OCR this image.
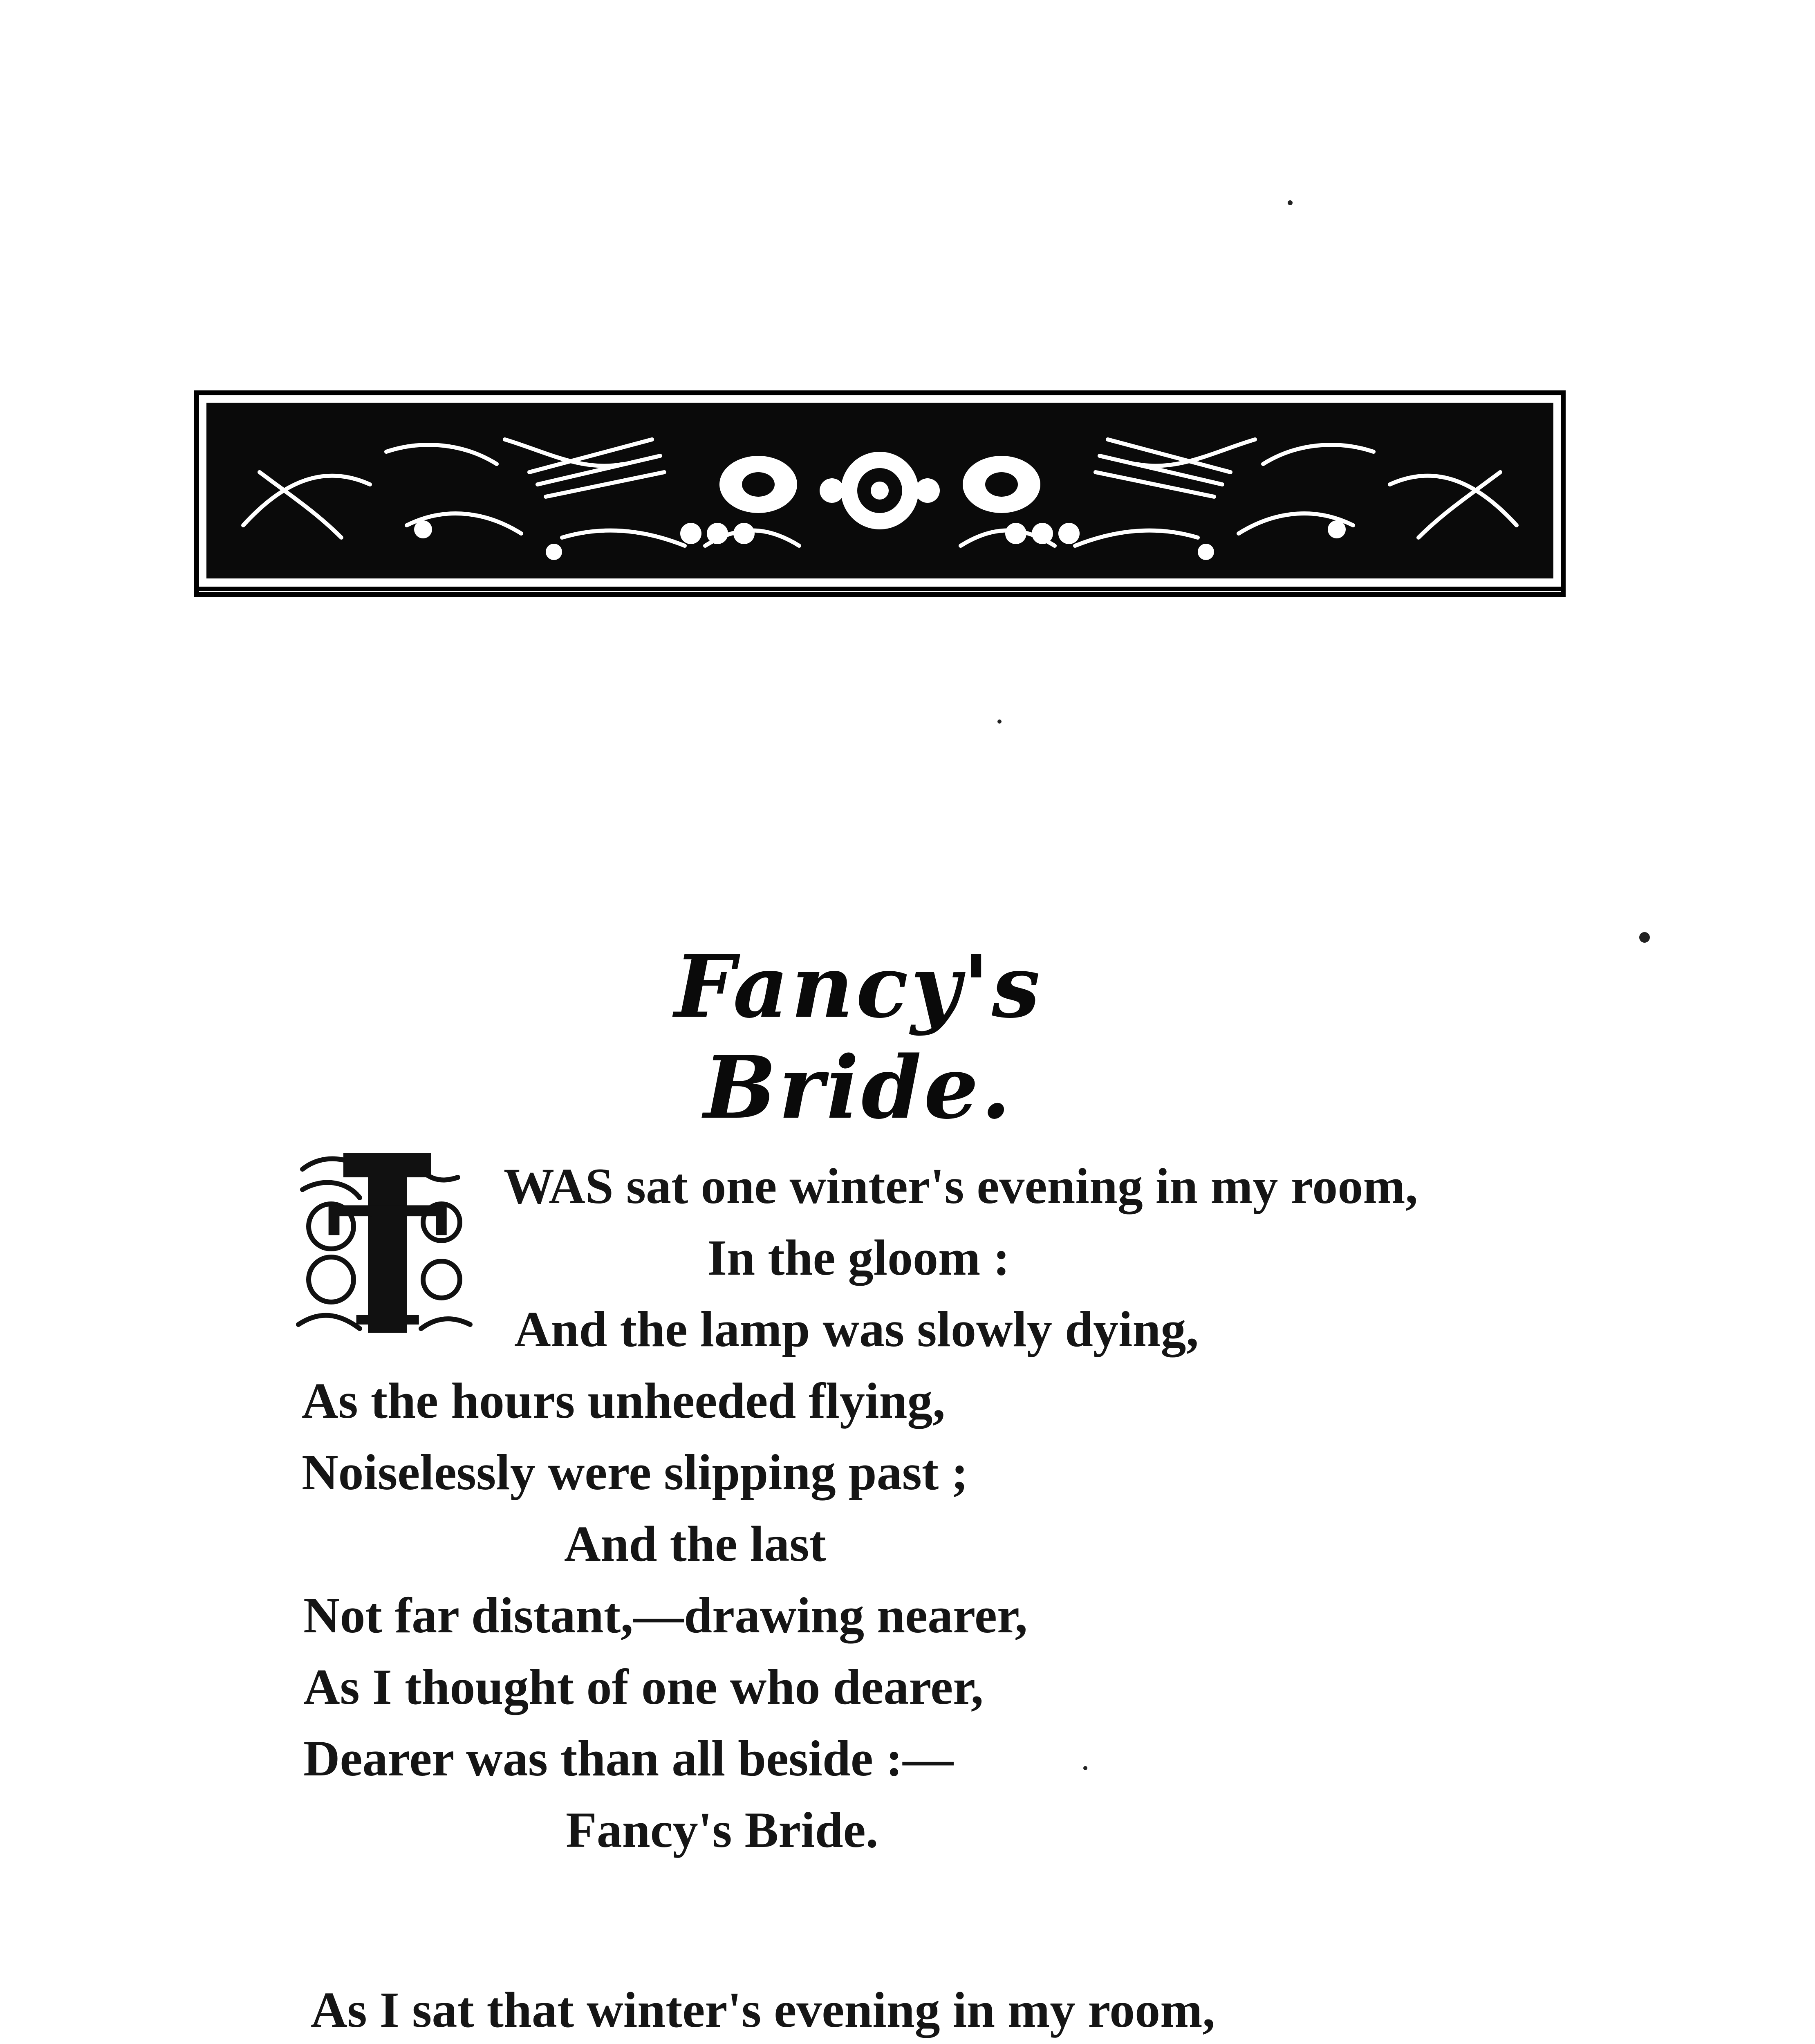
Fancy's Bride.
T WAS sat one winter's evening in my room,
In the gloom :
And the lamp was slowly dying,
As the hours unheeded flying,
Noiselessly were slipping past ;
And the last
Not far distant,—drawing nearer,
As I thought of one who dearer,
Dearer was than all beside :—
Fancy's Bride.
As I sat that winter's evening in my room,
